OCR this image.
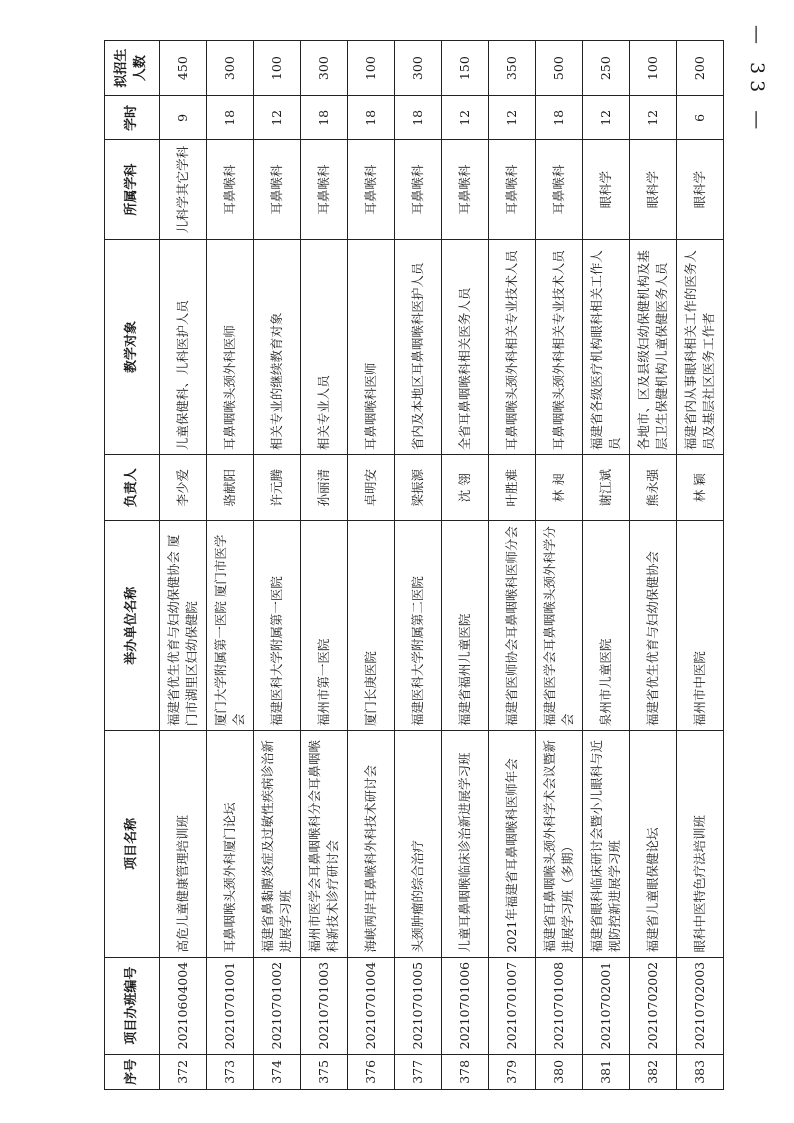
— 33 —
序号	项目办班编号	项目名称	举办单位名称	负责人	教学对象	所属学科	学时	拟招生人数
372	20210604004	高危儿童健康管理培训班	福建省优生优育与妇幼保健协会 厦门市湖里区妇幼保健院	李少爱	儿童保健科、儿科医护人员	儿科学其它学科	9	450
373	20210701001	耳鼻咽喉头颈外科厦门论坛	厦门大学附属第一医院 厦门市医学会	骆献阳	耳鼻咽喉头颈外科医师	耳鼻喉科	18	300
374	20210701002	福建省鼻黏膜炎症及过敏性疾病诊治新进展学习班	福建医科大学附属第一医院	许元腾	相关专业的继续教育对象	耳鼻喉科	12	100
375	20210701003	福州市医学会耳鼻咽喉科分会耳鼻咽喉科新技术诊疗研讨会	福州市第一医院	孙丽清	相关专业人员	耳鼻喉科	18	300
376	20210701004	海峡两岸耳鼻喉科外科技术研讨会	厦门长庚医院	卓明安	耳鼻咽喉科医师	耳鼻喉科	18	100
377	20210701005	头颈肿瘤的综合治疗	福建医科大学附属第二医院	梁振源	省内及本地区耳鼻咽喉科医护人员	耳鼻喉科	18	300
378	20210701006	儿童耳鼻咽喉临床诊治新进展学习班	福建省福州儿童医院	沈 翎	全省耳鼻咽喉科相关医务人员	耳鼻喉科	12	150
379	20210701007	2021年福建省耳鼻咽喉科医师年会	福建省医师协会耳鼻咽喉科医师分会	叶胜难	耳鼻咽喉头颈外科相关专业技术人员	耳鼻喉科	12	350
380	20210701008	福建省耳鼻咽喉头颈外科学术会议暨新进展学习班（多期）	福建省医学会耳鼻咽喉头颈外科学分会	林 昶	耳鼻咽喉头颈外科相关专业技术人员	耳鼻喉科	18	500
381	20210702001	福建省眼科临床研讨会暨小儿眼科与近视防控新进展学习班	泉州市儿童医院	谢江斌	福建省各级医疗机构眼科相关工作人员	眼科学	12	250
382	20210702002	福建省儿童眼保健论坛	福建省优生优育与妇幼保健协会	熊永强	各地市、区及县级妇幼保健机构及基层卫生保健机构儿童保健医务人员	眼科学	12	100
383	20210702003	眼科中医特色疗法培训班	福州市中医院	林 颖	福建省内从事眼科相关工作的医务人员及基层社区医务工作者	眼科学	6	200
